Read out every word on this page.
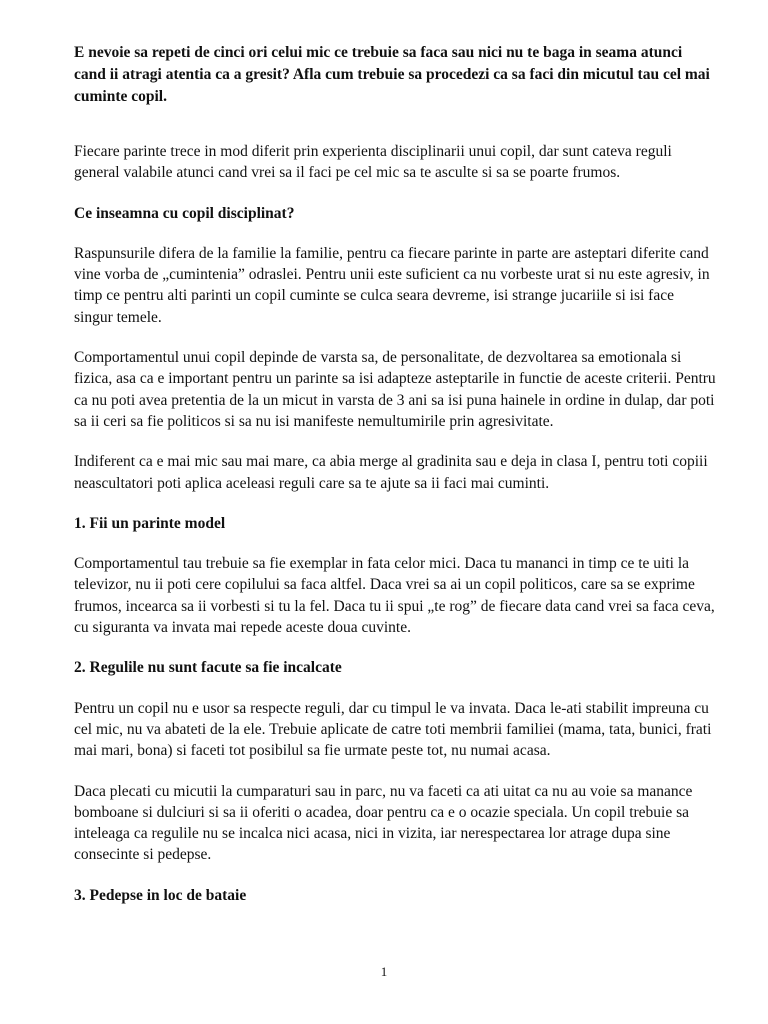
E nevoie sa repeti de cinci ori celui mic ce trebuie sa faca sau nici nu te baga in seama atunci cand ii atragi atentia ca a gresit? Afla cum trebuie sa procedezi ca sa faci din micutul tau cel mai cuminte copil.

Fiecare parinte trece in mod diferit prin experienta disciplinarii unui copil, dar sunt cateva reguli general valabile atunci cand vrei sa il faci pe cel mic sa te asculte si sa se poarte frumos.

Ce inseamna cu copil disciplinat?

Raspunsurile difera de la familie la familie, pentru ca fiecare parinte in parte are asteptari diferite cand vine vorba de „cumintenia” odraslei. Pentru unii este suficient ca nu vorbeste urat si nu este agresiv, in timp ce pentru alti parinti un copil cuminte se culca seara devreme, isi strange jucariile si isi face singur temele.

Comportamentul unui copil depinde de varsta sa, de personalitate, de dezvoltarea sa emotionala si fizica, asa ca e important pentru un parinte sa isi adapteze asteptarile in functie de aceste criterii. Pentru ca nu poti avea pretentia de la un micut in varsta de 3 ani sa isi puna hainele in ordine in dulap, dar poti sa ii ceri sa fie politicos si sa nu isi manifeste nemultumirile prin agresivitate.

Indiferent ca e mai mic sau mai mare, ca abia merge al gradinita sau e deja in clasa I, pentru toti copiii neascultatori poti aplica aceleasi reguli care sa te ajute sa ii faci mai cuminti.

1. Fii un parinte model

Comportamentul tau trebuie sa fie exemplar in fata celor mici. Daca tu mananci in timp ce te uiti la televizor, nu ii poti cere copilului sa faca altfel. Daca vrei sa ai un copil politicos, care sa se exprime frumos, incearca sa ii vorbesti si tu la fel. Daca tu ii spui „te rog” de fiecare data cand vrei sa faca ceva, cu siguranta va invata mai repede aceste doua cuvinte.

2. Regulile nu sunt facute sa fie incalcate

Pentru un copil nu e usor sa respecte reguli, dar cu timpul le va invata. Daca le-ati stabilit impreuna cu cel mic, nu va abateti de la ele. Trebuie aplicate de catre toti membrii familiei (mama, tata, bunici, frati mai mari, bona) si faceti tot posibilul sa fie urmate peste tot, nu numai acasa.

Daca plecati cu micutii la cumparaturi sau in parc, nu va faceti ca ati uitat ca nu au voie sa manance bomboane si dulciuri si sa ii oferiti o acadea, doar pentru ca e o ocazie speciala. Un copil trebuie sa inteleaga ca regulile nu se incalca nici acasa, nici in vizita, iar nerespectarea lor atrage dupa sine consecinte si pedepse.

3. Pedepse in loc de bataie
1
